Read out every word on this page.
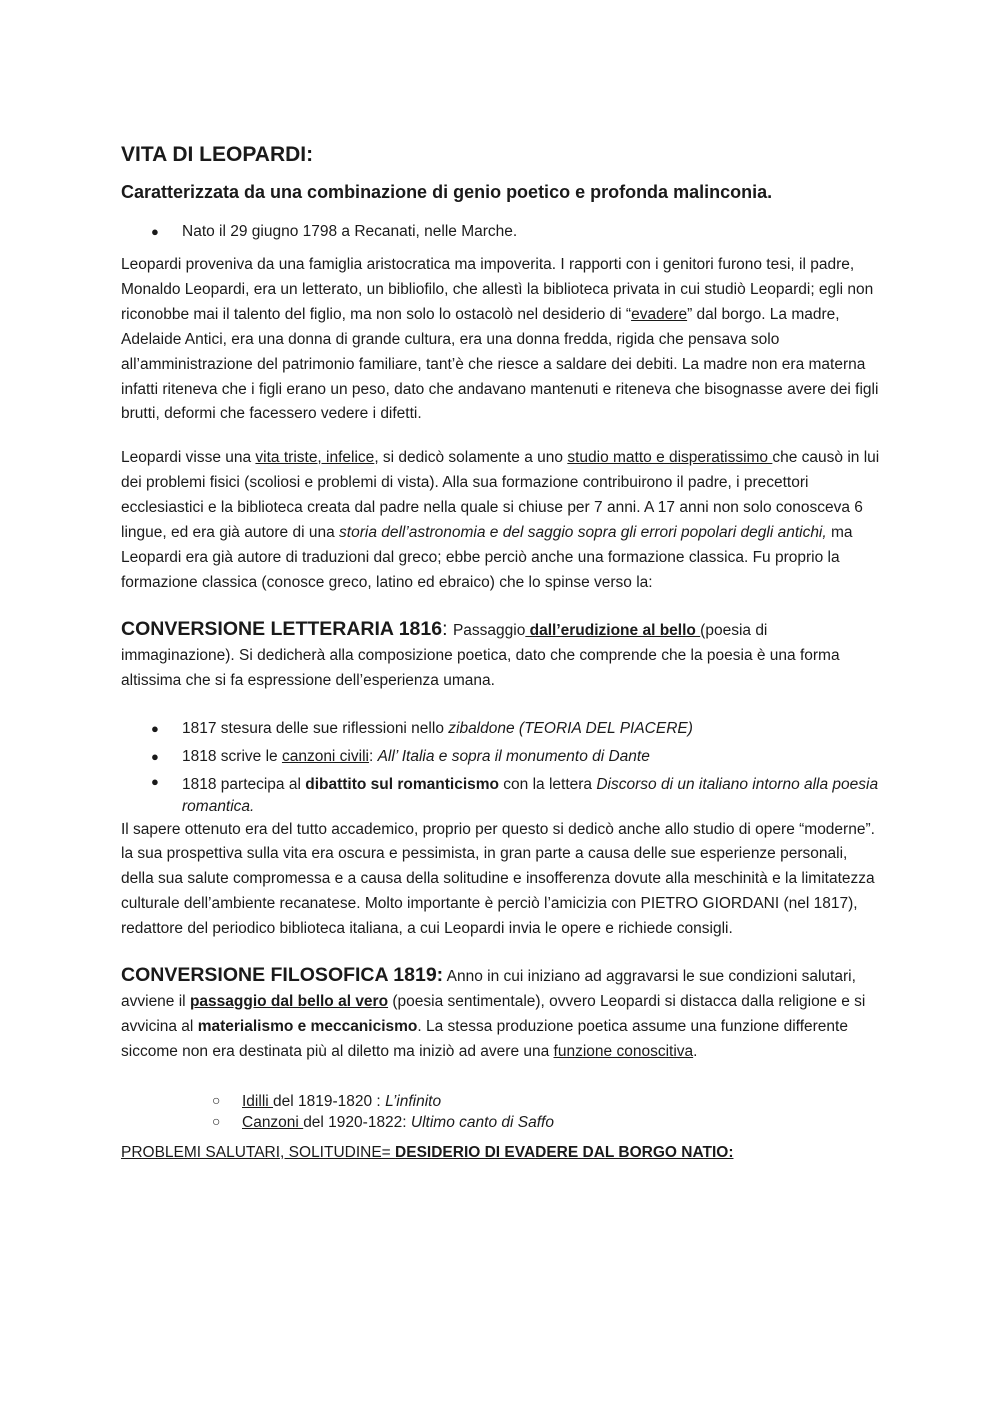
VITA DI LEOPARDI:
Caratterizzata da una combinazione di genio poetico e profonda malinconia.
● Nato il 29 giugno 1798 a Recanati, nelle Marche.

Leopardi proveniva da una famiglia aristocratica ma impoverita. I rapporti con i genitori furono tesi, il padre, Monaldo Leopardi, era un letterato, un bibliofilo, che allestì la biblioteca privata in cui studiò Leopardi; egli non riconobbe mai il talento del figlio, ma non solo lo ostacolò nel desiderio di “evadere” dal borgo. La madre, Adelaide Antici, era una donna di grande cultura, era una donna fredda, rigida che pensava solo all’amministrazione del patrimonio familiare, tant’è che riesce a saldare dei debiti. La madre non era materna infatti riteneva che i figli erano un peso, dato che andavano mantenuti e riteneva che bisognasse avere dei figli brutti, deformi che facessero vedere i difetti.

Leopardi visse una vita triste, infelice, si dedicò solamente a uno studio matto e disperatissimo che causò in lui dei problemi fisici (scoliosi e problemi di vista). Alla sua formazione contribuirono il padre, i precettori ecclesiastici e la biblioteca creata dal padre nella quale si chiuse per 7 anni. A 17 anni non solo conosceva 6 lingue, ed era già autore di una storia dell’astronomia e del saggio sopra gli errori popolari degli antichi, ma Leopardi era già autore di traduzioni dal greco; ebbe perciò anche una formazione classica. Fu proprio la formazione classica (conosce greco, latino ed ebraico) che lo spinse verso la:

CONVERSIONE LETTERARIA 1816: Passaggio dall’erudizione al bello (poesia di immaginazione). Si dedicherà alla composizione poetica, dato che comprende che la poesia è una forma altissima che si fa espressione dell’esperienza umana.

● 1817 stesura delle sue riflessioni nello zibaldone (TEORIA DEL PIACERE)
● 1818 scrive le canzoni civili: All’ Italia e sopra il monumento di Dante
● 1818 partecipa al dibattito sul romanticismo con la lettera Discorso di un italiano intorno alla poesia romantica.

Il sapere ottenuto era del tutto accademico, proprio per questo si dedicò anche allo studio di opere “moderne”. la sua prospettiva sulla vita era oscura e pessimista, in gran parte a causa delle sue esperienze personali, della sua salute compromessa e a causa della solitudine e insofferenza dovute alla meschinità e la limitatezza culturale dell’ambiente recanatese. Molto importante è perciò l’amicizia con PIETRO GIORDANI (nel 1817), redattore del periodico biblioteca italiana, a cui Leopardi invia le opere e richiede consigli.

CONVERSIONE FILOSOFICA 1819: Anno in cui iniziano ad aggravarsi le sue condizioni salutari, avviene il passaggio dal bello al vero (poesia sentimentale), ovvero Leopardi si distacca dalla religione e si avvicina al materialismo e meccanicismo. La stessa produzione poetica assume una funzione differente siccome non era destinata più al diletto ma iniziò ad avere una funzione conoscitiva.

○ Idilli del 1819-1820 : L’infinito
○ Canzoni del 1920-1822: Ultimo canto di Saffo

PROBLEMI SALUTARI, SOLITUDINE= DESIDERIO DI EVADERE DAL BORGO NATIO:
